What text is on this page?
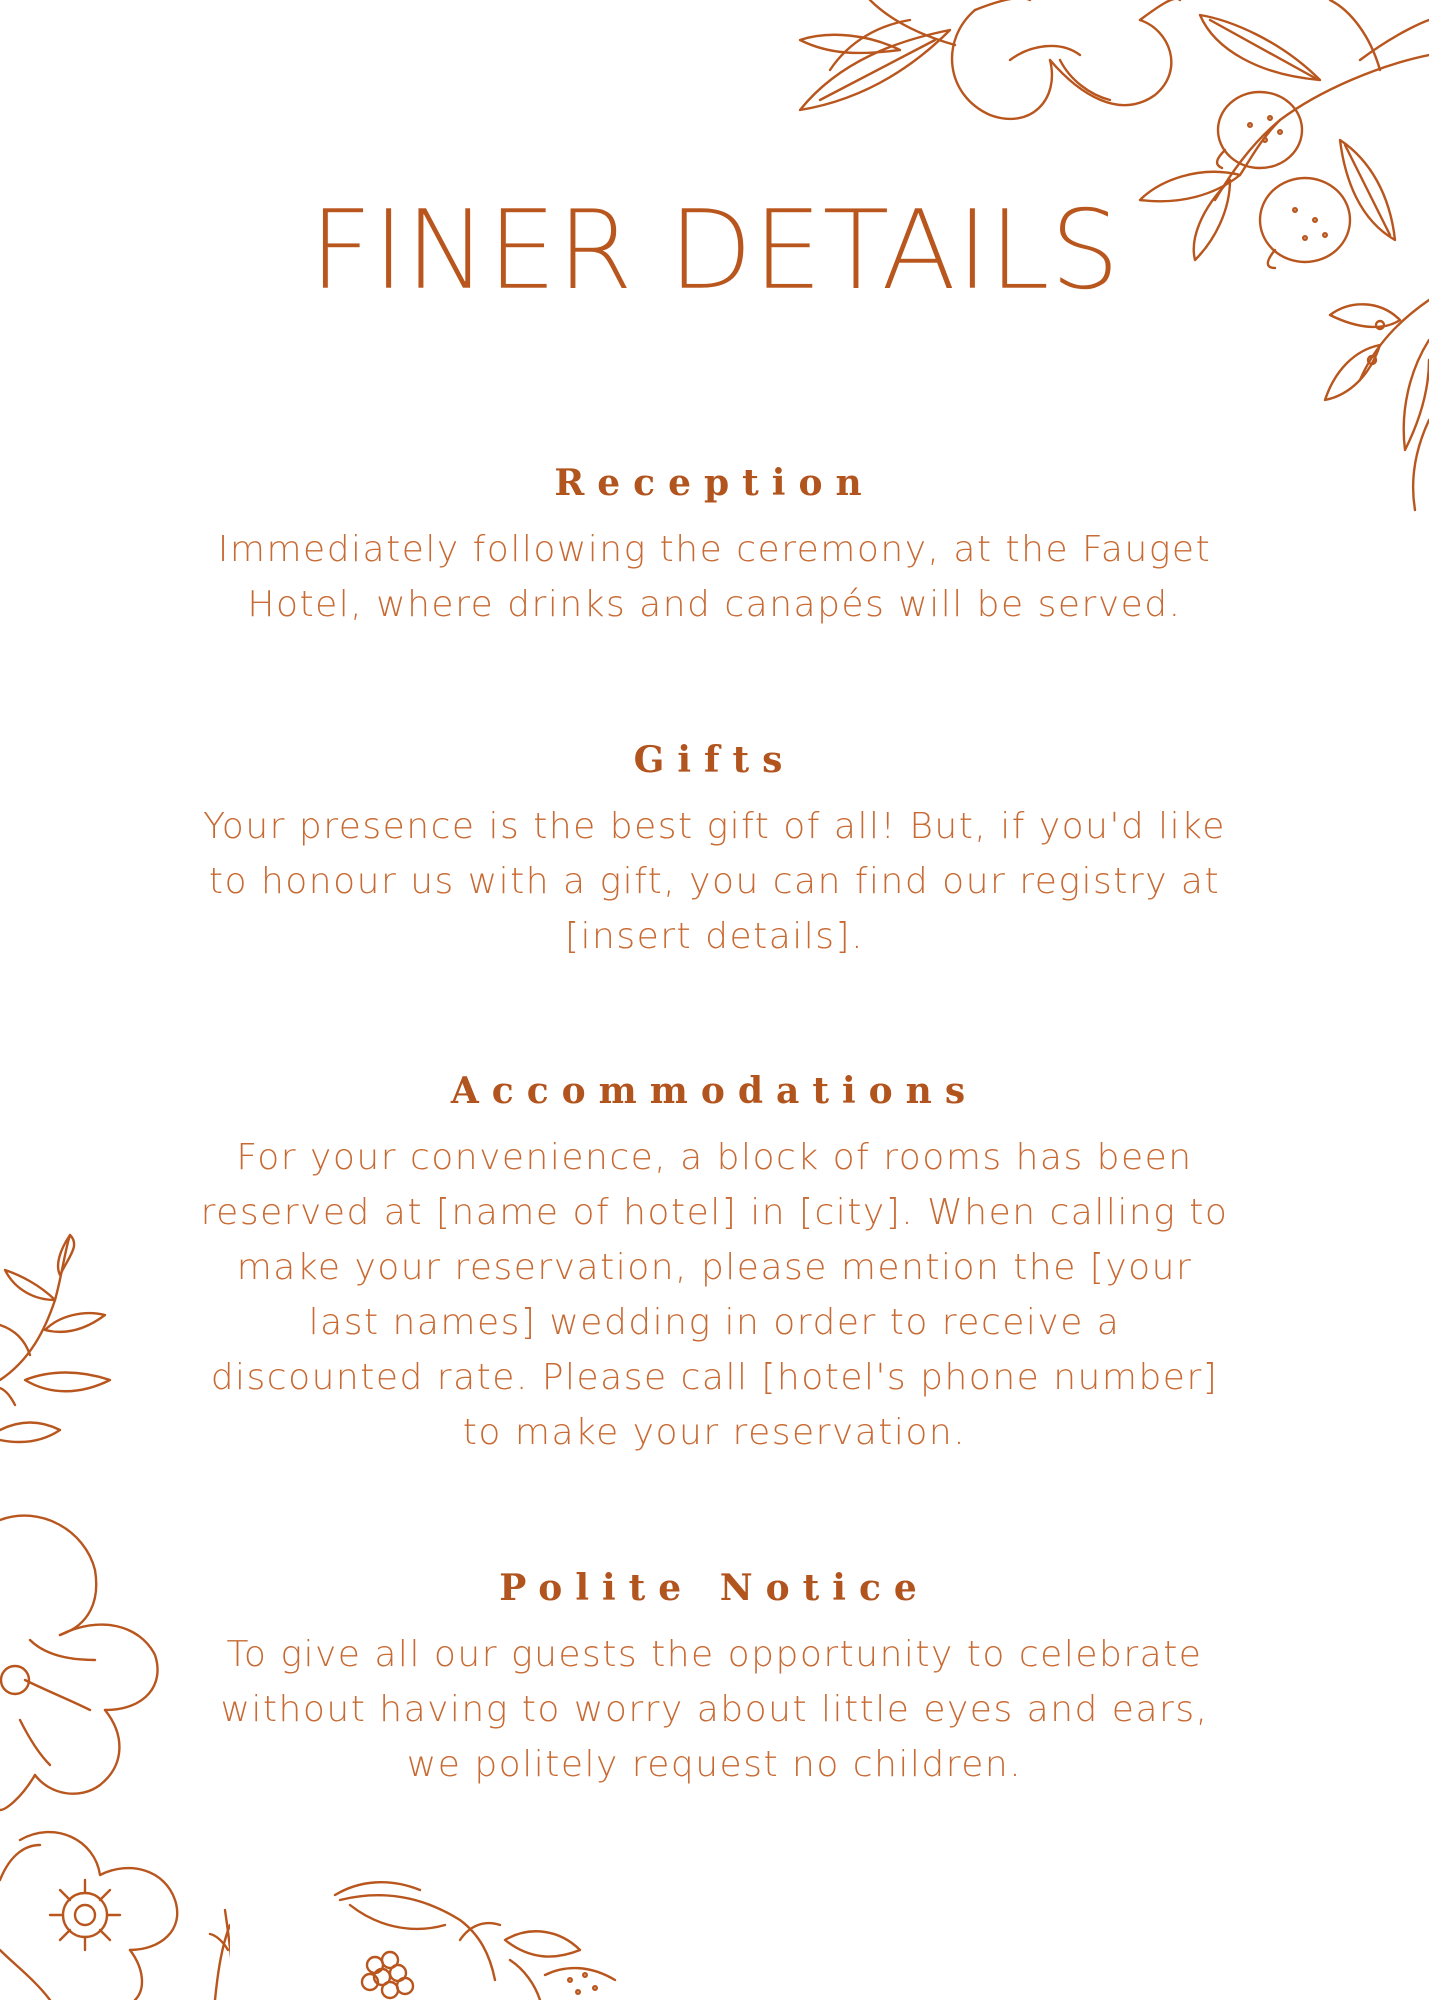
FINER DETAILS
Reception

Immediately following the ceremony, at the Fauget Hotel, where drinks and canapés will be served.

Gifts

Your presence is the best gift of all! But, if you'd like to honour us with a gift, you can find our registry at [insert details].

Accommodations

For your convenience, a block of rooms has been reserved at [name of hotel] in [city]. When calling to make your reservation, please mention the [your last names] wedding in order to receive a discounted rate. Please call [hotel's phone number] to make your reservation.

Polite Notice

To give all our guests the opportunity to celebrate without having to worry about little eyes and ears, we politely request no children.
